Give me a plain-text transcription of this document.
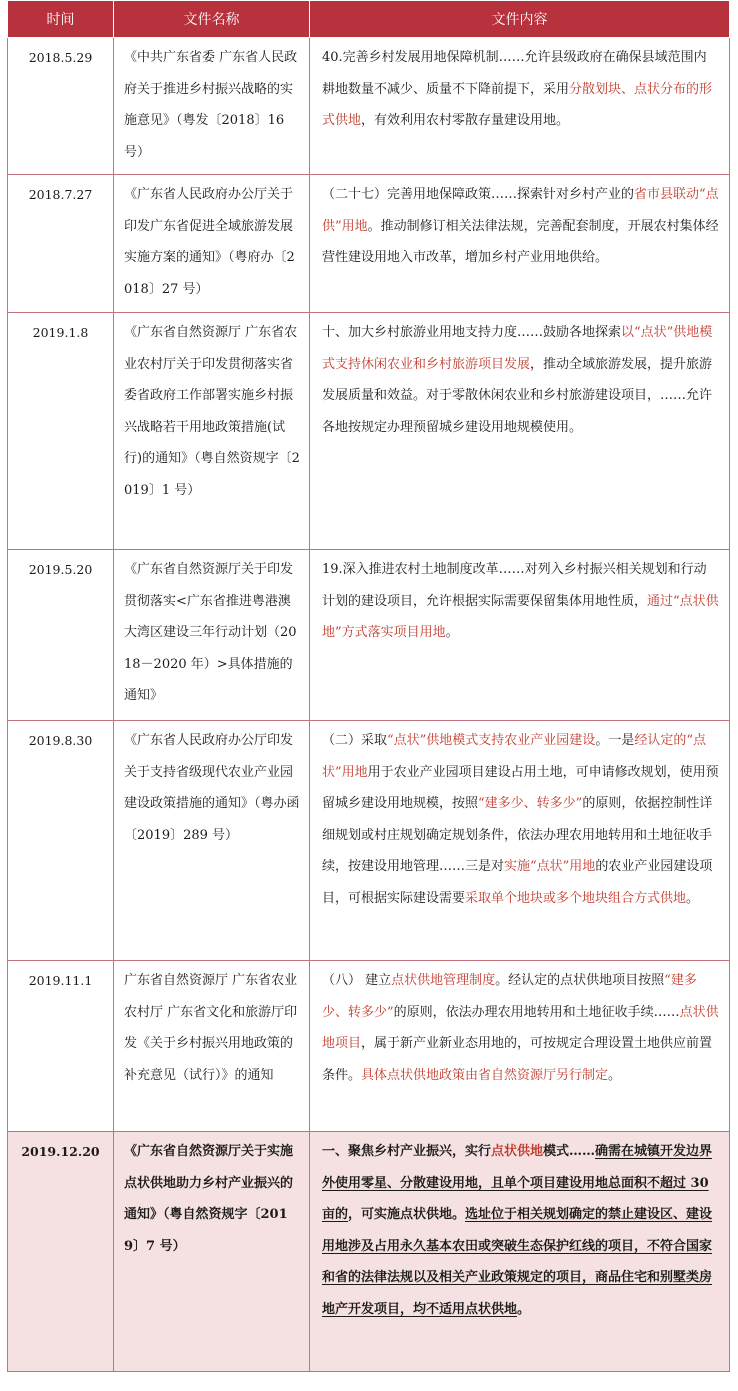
时间	文件名称	文件内容
2018.5.29	《中共广东省委 广东省人民政府关于推进乡村振兴战略的实施意见》（粤发〔2018〕16 号）	40.完善乡村发展用地保障机制……允许县级政府在确保县域范围内耕地数量不减少、质量不下降前提下，采用分散划块、点状分布的形式供地，有效利用农村零散存量建设用地。
2018.7.27	《广东省人民政府办公厅关于印发广东省促进全域旅游发展实施方案的通知》（粤府办〔2018〕27 号）	（二十七）完善用地保障政策……探索针对乡村产业的省市县联动“点供”用地。推动制修订相关法律法规，完善配套制度，开展农村集体经营性建设用地入市改革，增加乡村产业用地供给。
2019.1.8	《广东省自然资源厅 广东省农业农村厅关于印发贯彻落实省委省政府工作部署实施乡村振兴战略若干用地政策措施(试行)的通知》（粤自然资规字〔2019〕1 号）	十、加大乡村旅游业用地支持力度……鼓励各地探索以“点状”供地模式支持休闲农业和乡村旅游项目发展，推动全域旅游发展，提升旅游发展质量和效益。对于零散休闲农业和乡村旅游建设项目，……允许各地按规定办理预留城乡建设用地规模使用。
2019.5.20	《广东省自然资源厅关于印发贯彻落实<广东省推进粤港澳大湾区建设三年行动计划（2018－2020 年）>具体措施的通知》	19.深入推进农村土地制度改革……对列入乡村振兴相关规划和行动计划的建设项目，允许根据实际需要保留集体用地性质，通过“点状供地”方式落实项目用地。
2019.8.30	《广东省人民政府办公厅印发关于支持省级现代农业产业园建设政策措施的通知》（粤办函〔2019〕289 号）	（二）采取“点状”供地模式支持农业产业园建设。一是经认定的“点状”用地用于农业产业园项目建设占用土地，可申请修改规划，使用预留城乡建设用地规模，按照“建多少、转多少”的原则，依据控制性详细规划或村庄规划确定规划条件，依法办理农用地转用和土地征收手续，按建设用地管理……三是对实施“点状”用地的农业产业园建设项目，可根据实际建设需要采取单个地块或多个地块组合方式供地。
2019.11.1	广东省自然资源厅 广东省农业农村厅 广东省文化和旅游厅印发《关于乡村振兴用地政策的补充意见（试行）》的通知	（八） 建立点状供地管理制度。经认定的点状供地项目按照“建多少、转多少”的原则，依法办理农用地转用和土地征收手续……点状供地项目，属于新产业新业态用地的，可按规定合理设置土地供应前置条件。具体点状供地政策由省自然资源厅另行制定。
2019.12.20	《广东省自然资源厅关于实施点状供地助力乡村产业振兴的通知》（粤自然资规字〔2019〕7 号）	一、聚焦乡村产业振兴，实行点状供地模式……确需在城镇开发边界外使用零星、分散建设用地，且单个项目建设用地总面积不超过 30 亩的，可实施点状供地。选址位于相关规划确定的禁止建设区、建设用地涉及占用永久基本农田或突破生态保护红线的项目，不符合国家和省的法律法规以及相关产业政策规定的项目，商品住宅和别墅类房地产开发项目，均不适用点状供地。
